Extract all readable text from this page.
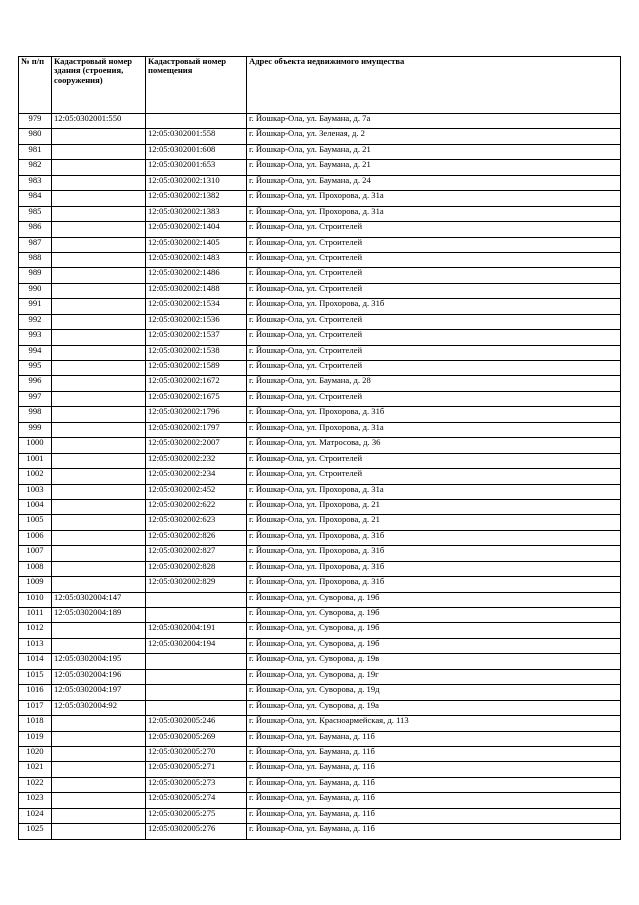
№ п/п	Кадастровый номер здания (строения, сооружения)	Кадастровый номер помещения	Адрес объекта недвижимого имущества
979	12:05:0302001:550		г. Йошкар-Ола, ул. Баумана, д. 7а
980		12:05:0302001:558	г. Йошкар-Ола, ул. Зеленая, д. 2
981		12:05:0302001:608	г. Йошкар-Ола, ул. Баумана, д. 21
982		12:05:0302001:653	г. Йошкар-Ола, ул. Баумана, д. 21
983		12:05:0302002:1310	г. Йошкар-Ола, ул. Баумана, д. 24
984		12:05:0302002:1382	г. Йошкар-Ола, ул. Прохорова, д. 31а
985		12:05:0302002:1383	г. Йошкар-Ола, ул. Прохорова, д. 31а
986		12:05:0302002:1404	г. Йошкар-Ола, ул. Строителей
987		12:05:0302002:1405	г. Йошкар-Ола, ул. Строителей
988		12:05:0302002:1483	г. Йошкар-Ола, ул. Строителей
989		12:05:0302002:1486	г. Йошкар-Ола, ул. Строителей
990		12:05:0302002:1488	г. Йошкар-Ола, ул. Строителей
991		12:05:0302002:1534	г. Йошкар-Ола, ул. Прохорова, д. 31б
992		12:05:0302002:1536	г. Йошкар-Ола, ул. Строителей
993		12:05:0302002:1537	г. Йошкар-Ола, ул. Строителей
994		12:05:0302002:1538	г. Йошкар-Ола, ул. Строителей
995		12:05:0302002:1589	г. Йошкар-Ола, ул. Строителей
996		12:05:0302002:1672	г. Йошкар-Ола, ул. Баумана, д. 28
997		12:05:0302002:1675	г. Йошкар-Ола, ул. Строителей
998		12:05:0302002:1796	г. Йошкар-Ола, ул. Прохорова, д. 31б
999		12:05:0302002:1797	г. Йошкар-Ола, ул. Прохорова, д. 31а
1000		12:05:0302002:2007	г. Йошкар-Ола, ул. Матросова, д. 36
1001		12:05:0302002:232	г. Йошкар-Ола, ул. Строителей
1002		12:05:0302002:234	г. Йошкар-Ола, ул. Строителей
1003		12:05:0302002:452	г. Йошкар-Ола, ул. Прохорова, д. 31а
1004		12:05:0302002:622	г. Йошкар-Ола, ул. Прохорова, д. 21
1005		12:05:0302002:623	г. Йошкар-Ола, ул. Прохорова, д. 21
1006		12:05:0302002:826	г. Йошкар-Ола, ул. Прохорова, д. 31б
1007		12:05:0302002:827	г. Йошкар-Ола, ул. Прохорова, д. 31б
1008		12:05:0302002:828	г. Йошкар-Ола, ул. Прохорова, д. 31б
1009		12:05:0302002:829	г. Йошкар-Ола, ул. Прохорова, д. 31б
1010	12:05:0302004:147		г. Йошкар-Ола, ул. Суворова, д. 19б
1011	12:05:0302004:189		г. Йошкар-Ола, ул. Суворова, д. 19б
1012		12:05:0302004:191	г. Йошкар-Ола, ул. Суворова, д. 19б
1013		12:05:0302004:194	г. Йошкар-Ола, ул. Суворова, д. 19б
1014	12:05:0302004:195		г. Йошкар-Ола, ул. Суворова, д. 19в
1015	12:05:0302004:196		г. Йошкар-Ола, ул. Суворова, д. 19г
1016	12:05:0302004:197		г. Йошкар-Ола, ул. Суворова, д. 19д
1017	12:05:0302004:92		г. Йошкар-Ола, ул. Суворова, д. 19а
1018		12:05:0302005:246	г. Йошкар-Ола, ул. Красноармейская, д. 113
1019		12:05:0302005:269	г. Йошкар-Ола, ул. Баумана, д. 11б
1020		12:05:0302005:270	г. Йошкар-Ола, ул. Баумана, д. 11б
1021		12:05:0302005:271	г. Йошкар-Ола, ул. Баумана, д. 11б
1022		12:05:0302005:273	г. Йошкар-Ола, ул. Баумана, д. 11б
1023		12:05:0302005:274	г. Йошкар-Ола, ул. Баумана, д. 11б
1024		12:05:0302005:275	г. Йошкар-Ола, ул. Баумана, д. 11б
1025		12:05:0302005:276	г. Йошкар-Ола, ул. Баумана, д. 11б
